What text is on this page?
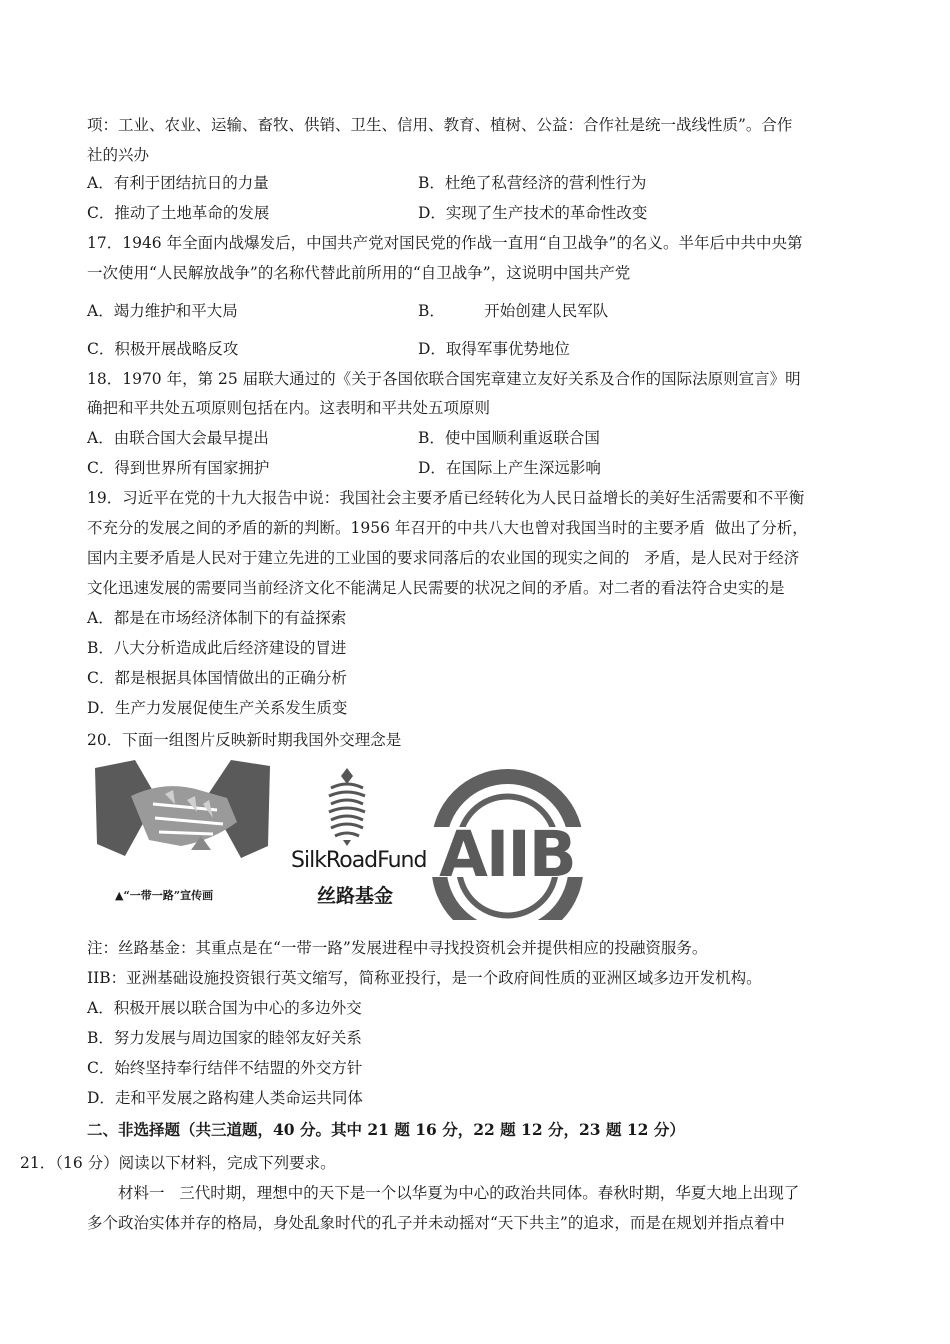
项：工业、农业、运输、畜牧、供销、卫生、信用、教育、植树、公益：合作社是统一战线性质”。合作
社的兴办
A．有利于团结抗日的力量	B．杜绝了私营经济的营利性行为
C．推动了土地革命的发展	D．实现了生产技术的革命性改变
17．1946 年全面内战爆发后，中国共产党对国民党的作战一直用“自卫战争”的名义。半年后中共中央第
一次使用“人民解放战争”的名称代替此前所用的“自卫战争”，这说明中国共产党
A．竭力维护和平大局	B．        开始创建人民军队
C．积极开展战略反攻	D．取得军事优势地位
18．1970 年，第 25 届联大通过的《关于各国依联合国宪章建立友好关系及合作的国际法原则宣言》明
确把和平共处五项原则包括在内。这表明和平共处五项原则
A．由联合国大会最早提出	B．使中国顺利重返联合国
C．得到世界所有国家拥护	D．在国际上产生深远影响
19．习近平在党的十九大报告中说：我国社会主要矛盾已经转化为人民日益增长的美好生活需要和不平衡
不充分的发展之间的矛盾的新的判断。1956 年召开的中共八大也曾对我国当时的主要矛盾  做出了分析，
国内主要矛盾是人民对于建立先进的工业国的要求同落后的农业国的现实之间的   矛盾，是人民对于经济
文化迅速发展的需要同当前经济文化不能满足人民需要的状况之间的矛盾。对二者的看法符合史实的是
A．都是在市场经济体制下的有益探索
B．八大分析造成此后经济建设的冒进
C．都是根据具体国情做出的正确分析
D．生产力发展促使生产关系发生质变
20．下面一组图片反映新时期我国外交理念是
▲“一带一路”宣传画
SilkRoadFund
丝路基金
AIIB
注：丝路基金：其重点是在“一带一路”发展进程中寻找投资机会并提供相应的投融资服务。
IIB：亚洲基础设施投资银行英文缩写，简称亚投行，是一个政府间性质的亚洲区域多边开发机构。
A．积极开展以联合国为中心的多边外交
B．努力发展与周边国家的睦邻友好关系
C．始终坚持奉行结伴不结盟的外交方针
D．走和平发展之路构建人类命运共同体
二、非选择题（共三道题，40 分。其中 21 题 16 分，22 题 12 分，23 题 12 分）
21．（16 分）阅读以下材料，完成下列要求。
材料一   三代时期，理想中的天下是一个以华夏为中心的政治共同体。春秋时期，华夏大地上出现了
多个政治实体并存的格局，身处乱象时代的孔子并未动摇对“天下共主”的追求，而是在规划并指点着中
